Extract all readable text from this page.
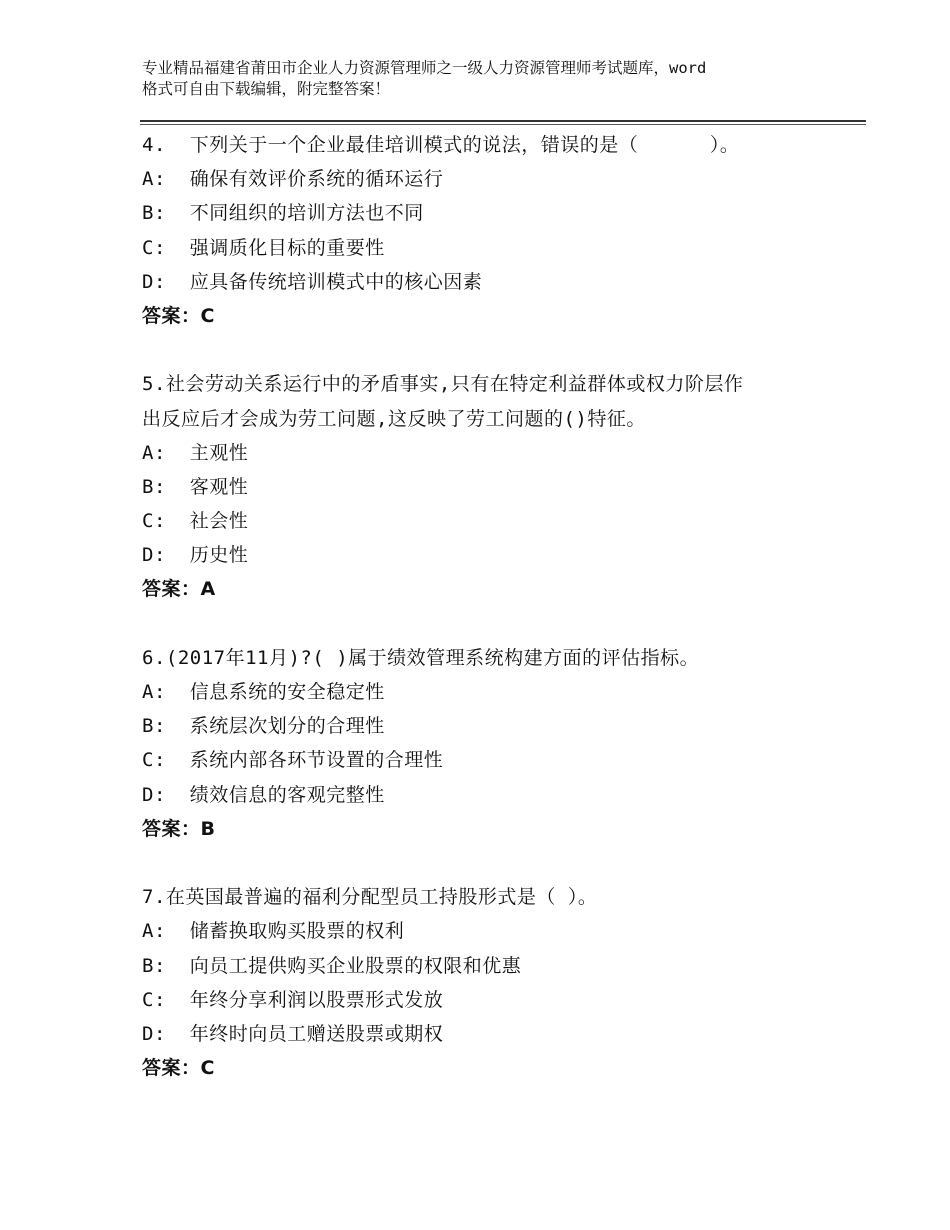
专业精品福建省莆田市企业人力资源管理师之一级人力资源管理师考试题库，word
格式可自由下载编辑，附完整答案！
4.  下列关于一个企业最佳培训模式的说法，错误的是（      ）。
A:  确保有效评价系统的循环运行
B:  不同组织的培训方法也不同
C:  强调质化目标的重要性
D:  应具备传统培训模式中的核心因素
答案：C
5.社会劳动关系运行中的矛盾事实,只有在特定利益群体或权力阶层作
出反应后才会成为劳工问题,这反映了劳工问题的()特征。
A:  主观性
B:  客观性
C:  社会性
D:  历史性
答案：A
6.(2017年11月)?( )属于绩效管理系统构建方面的评估指标。
A:  信息系统的安全稳定性
B:  系统层次划分的合理性
C:  系统内部各环节设置的合理性
D:  绩效信息的客观完整性
答案：B
7.在英国最普遍的福利分配型员工持股形式是（ ）。
A:  储蓄换取购买股票的权利
B:  向员工提供购买企业股票的权限和优惠
C:  年终分享利润以股票形式发放
D:  年终时向员工赠送股票或期权
答案：C
